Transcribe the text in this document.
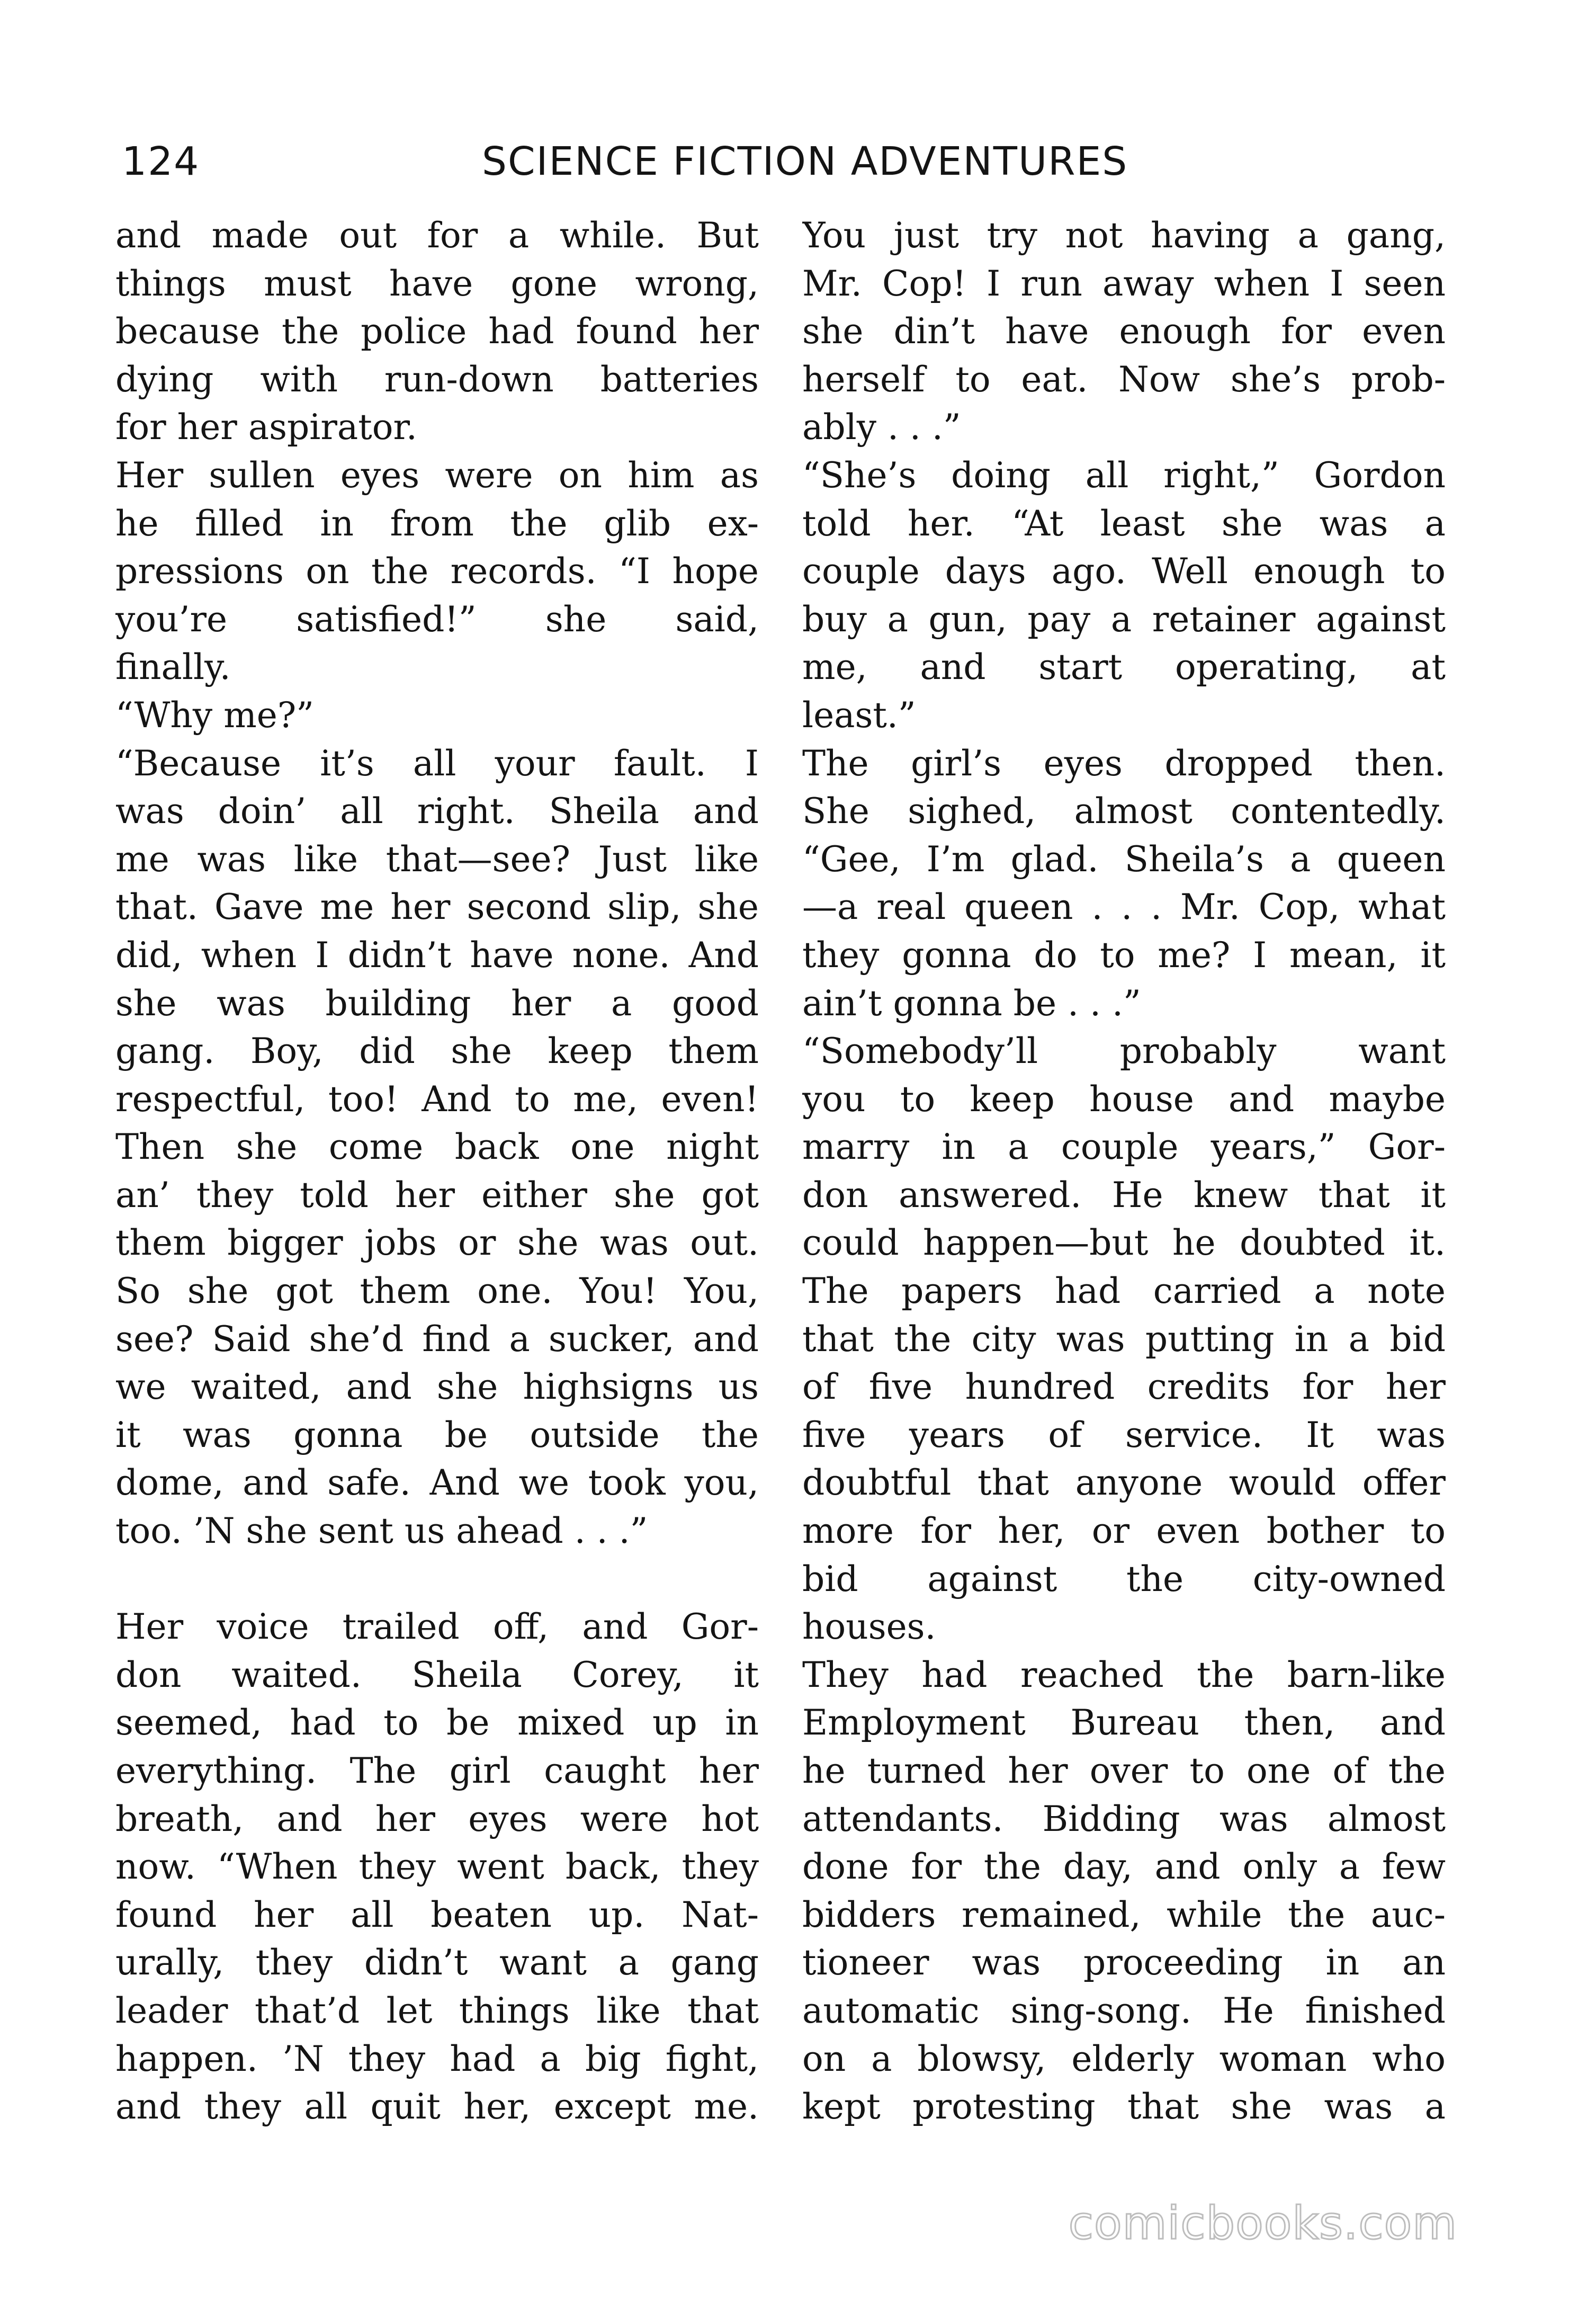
124	SCIENCE FICTION ADVENTURES
and made out for a while. But
things must have gone wrong,
because the police had found her
dying with run-down batteries
for her aspirator.
Her sullen eyes were on him as
he filled in from the glib ex-
pressions on the records. “I hope
you’re satisfied!” she said,
finally.
“Why me?”
“Because it’s all your fault. I
was doin’ all right. Sheila and
me was like that—see? Just like
that. Gave me her second slip, she
did, when I didn’t have none. And
she was building her a good
gang. Boy, did she keep them
respectful, too! And to me, even!
Then she come back one night
an’ they told her either she got
them bigger jobs or she was out.
So she got them one. You! You,
see? Said she’d find a sucker, and
we waited, and she highsigns us
it was gonna be outside the
dome, and safe. And we took you,
too. ’N she sent us ahead . . .”
Her voice trailed off, and Gor-
don waited. Sheila Corey, it
seemed, had to be mixed up in
everything. The girl caught her
breath, and her eyes were hot
now. “When they went back, they
found her all beaten up. Nat-
urally, they didn’t want a gang
leader that’d let things like that
happen. ’N they had a big fight,
and they all quit her, except me.
You just try not having a gang,
Mr. Cop! I run away when I seen
she din’t have enough for even
herself to eat. Now she’s prob-
ably . . .”
“She’s doing all right,” Gordon
told her. “At least she was a
couple days ago. Well enough to
buy a gun, pay a retainer against
me, and start operating, at
least.”
The girl’s eyes dropped then.
She sighed, almost contentedly.
“Gee, I’m glad. Sheila’s a queen
—a real queen . . . Mr. Cop, what
they gonna do to me? I mean, it
ain’t gonna be . . .”
“Somebody’ll probably want
you to keep house and maybe
marry in a couple years,” Gor-
don answered. He knew that it
could happen—but he doubted it.
The papers had carried a note
that the city was putting in a bid
of five hundred credits for her
five years of service. It was
doubtful that anyone would offer
more for her, or even bother to
bid against the city-owned
houses.
They had reached the barn-like
Employment Bureau then, and
he turned her over to one of the
attendants. Bidding was almost
done for the day, and only a few
bidders remained, while the auc-
tioneer was proceeding in an
automatic sing-song. He finished
on a blowsy, elderly woman who
kept protesting that she was a
comicbooks.com
